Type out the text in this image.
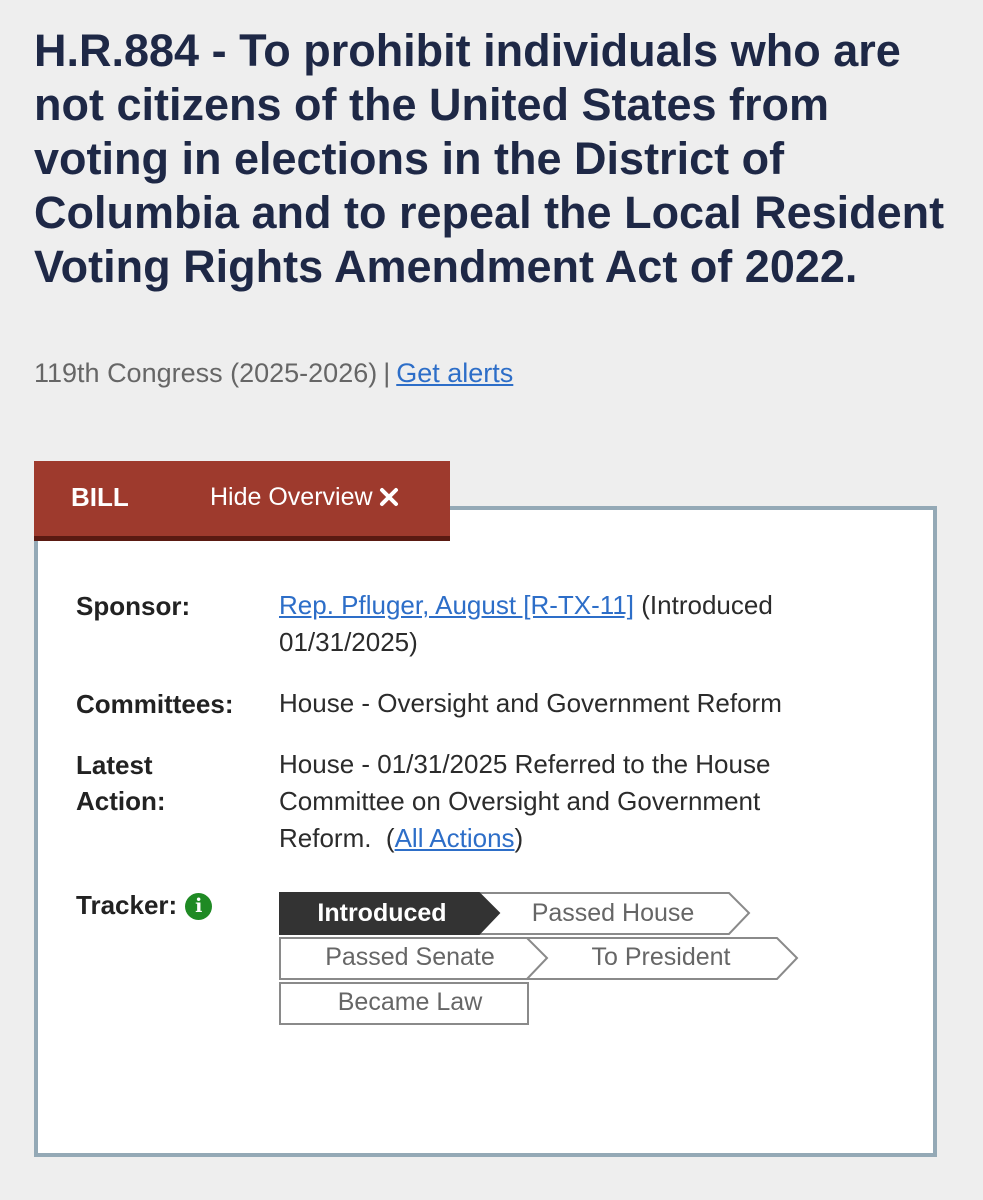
H.R.884 - To prohibit individuals who are not citizens of the United States from voting in elections in the District of Columbia and to repeal the Local Resident Voting Rights Amendment Act of 2022.
119th Congress (2025-2026) | Get alerts
BILL	Hide Overview
Sponsor:	Rep. Pfluger, August [R-TX-11] (Introduced 01/31/2025)
Committees: House - Oversight and Government Reform
Latest
Action:
House - 01/31/2025 Referred to the House Committee on Oversight and Government Reform. (All Actions)
Tracker: i	Introduced	Passed House
Passed Senate	To President
Became Law
